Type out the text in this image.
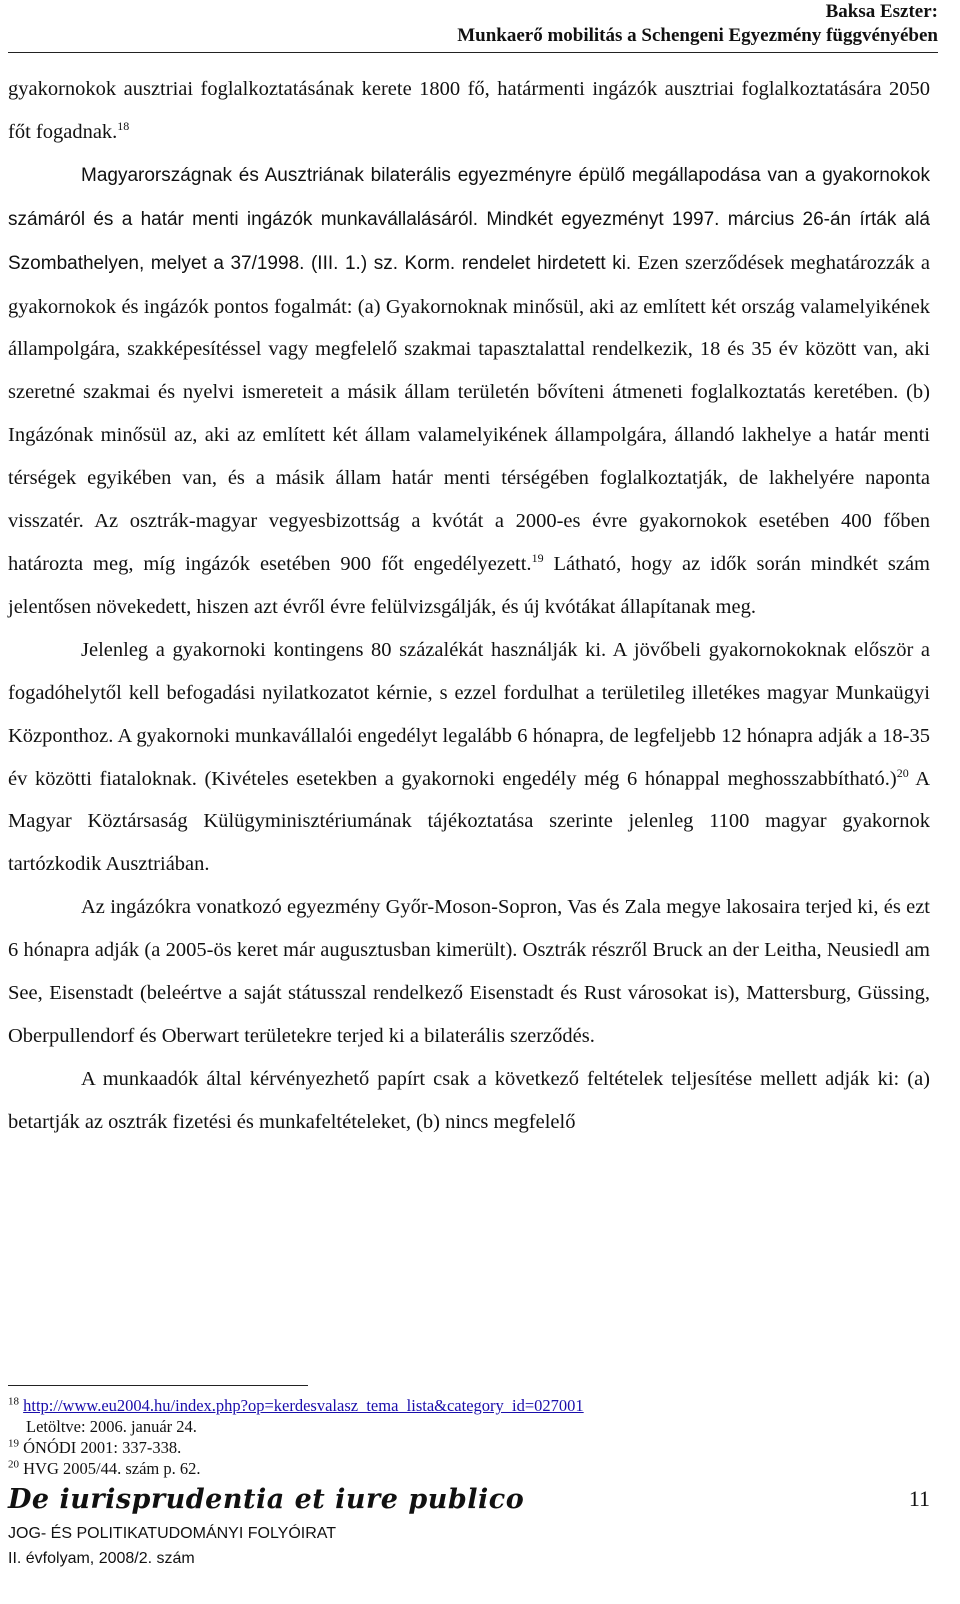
Baksa Eszter:
Munkaerő mobilitás a Schengeni Egyezmény függvényében

gyakornokok ausztriai foglalkoztatásának kerete 1800 fő, határmenti ingázók ausztriai foglalkoztatására 2050 főt fogadnak.$^{18}$

Magyarországnak és Ausztriának bilaterális egyezményre épülő megállapodása van a gyakornokok számáról és a határ menti ingázók munkavállalásáról. Mindkét egyezményt 1997. március 26-án írták alá Szombathelyen, melyet a 37/1998. (III. 1.) sz. Korm. rendelet hirdetett ki. Ezen szerződések meghatározzák a gyakornokok és ingázók pontos fogalmát: (a) Gyakornoknak minősül, aki az említett két ország valamelyikének állampolgára, szakképesítéssel vagy megfelelő szakmai tapasztalattal rendelkezik, 18 és 35 év között van, aki szeretné szakmai és nyelvi ismereteit a másik állam területén bővíteni átmeneti foglalkoztatás keretében. (b) Ingázónak minősül az, aki az említett két állam valamelyikének állampolgára, állandó lakhelye a határ menti térségek egyikében van, és a másik állam határ menti térségében foglalkoztatják, de lakhelyére naponta visszatér. Az osztrák-magyar vegyesbizottság a kvótát a 2000-es évre gyakornokok esetében 400 főben határozta meg, míg ingázók esetében 900 főt engedélyezett.$^{19}$ Látható, hogy az idők során mindkét szám jelentősen növekedett, hiszen azt évről évre felülvizsgálják, és új kvótákat állapítanak meg.

Jelenleg a gyakornoki kontingens 80 százalékát használják ki. A jövőbeli gyakornokoknak először a fogadóhelytől kell befogadási nyilatkozatot kérnie, s ezzel fordulhat a területileg illetékes magyar Munkaügyi Központhoz. A gyakornoki munkavállalói engedélyt legalább 6 hónapra, de legfeljebb 12 hónapra adják a 18-35 év közötti fiataloknak. (Kivételes esetekben a gyakornoki engedély még 6 hónappal meghosszabbítható.)$^{20}$ A Magyar Köztársaság Külügyminisztériumának tájékoztatása szerinte jelenleg 1100 magyar gyakornok tartózkodik Ausztriában.

Az ingázókra vonatkozó egyezmény Győr-Moson-Sopron, Vas és Zala megye lakosaira terjed ki, és ezt 6 hónapra adják (a 2005-ös keret már augusztusban kimerült). Osztrák részről Bruck an der Leitha, Neusiedl am See, Eisenstadt (beleértve a saját státusszal rendelkező Eisenstadt és Rust városokat is), Mattersburg, Güssing, Oberpullendorf és Oberwart területekre terjed ki a bilaterális szerződés.

A munkaadók által kérvényezhető papírt csak a következő feltételek teljesítése mellett adják ki: (a) betartják az osztrák fizetési és munkafeltételeket, (b) nincs megfelelő

$^{18}$ http://www.eu2004.hu/index.php?op=kerdesvalasz_tema_lista&category_id=027001

Letöltve: 2006. január 24.

$^{19}$ ÓNÓDI 2001: 337-338.

$^{20}$ HVG 2005/44. szám p. 62.

De iurisprudentia et iure publico
JOG- ÉS POLITIKATUDOMÁNYI FOLYÓIRAT
II. évfolyam, 2008/2. szám
11
